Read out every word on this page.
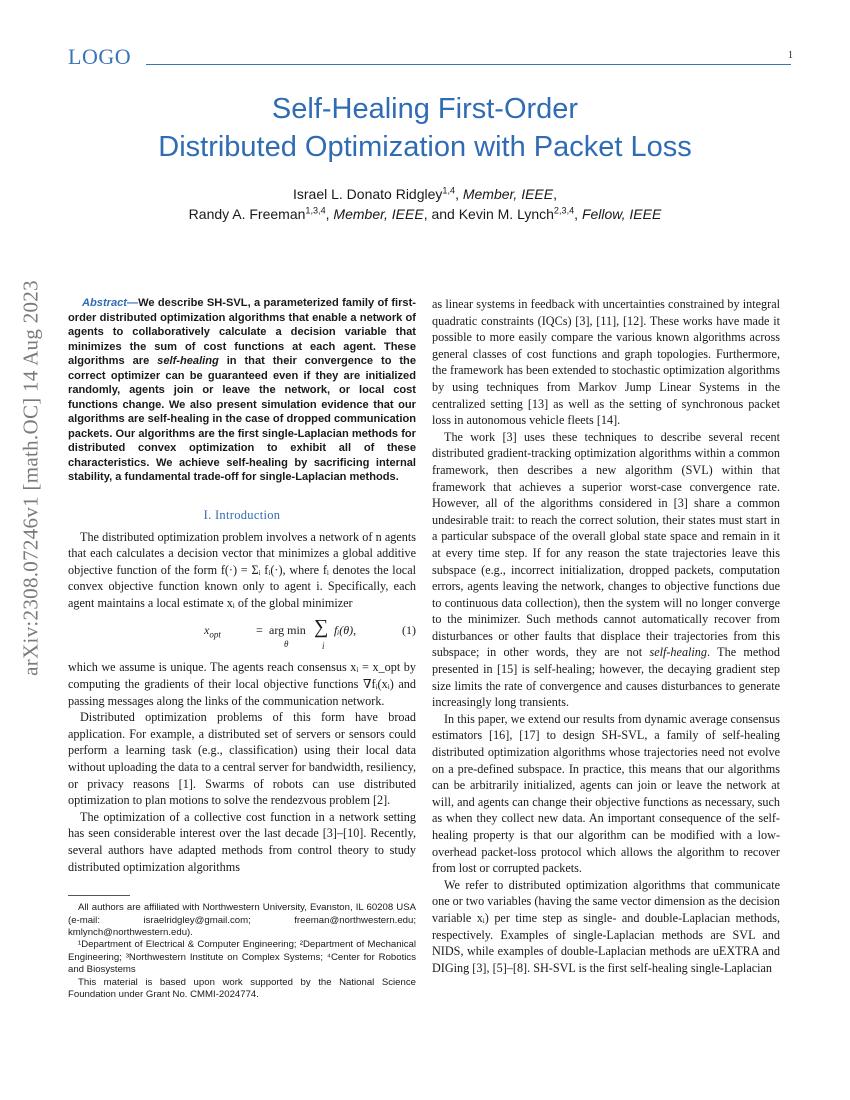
LOGO	1
arXiv:2308.07246v1 [math.OC] 14 Aug 2023
Self-Healing First-Order
Distributed Optimization with Packet Loss
Israel L. Donato Ridgley$^{1,4}$, Member, IEEE,
Randy A. Freeman$^{1,3,4}$, Member, IEEE, and Kevin M. Lynch$^{2,3,4}$, Fellow, IEEE

Abstract—We describe SH-SVL, a parameterized family of first-order distributed optimization algorithms that enable a network of agents to collaboratively calculate a decision variable that minimizes the sum of cost functions at each agent. These algorithms are self-healing in that their convergence to the correct optimizer can be guaranteed even if they are initialized randomly, agents join or leave the network, or local cost functions change. We also present simulation evidence that our algorithms are self-healing in the case of dropped communication packets. Our algorithms are the first single-Laplacian methods for distributed convex optimization to exhibit all of these characteristics. We achieve self-healing by sacrificing internal stability, a fundamental trade-off for single-Laplacian methods.

I. Introduction

The distributed optimization problem involves a network of n agents that each calculates a decision vector that minimizes a global additive objective function of the form f(·) = Σᵢ fᵢ(·), where fᵢ denotes the local convex objective function known only to agent i. Specifically, each agent maintains a local estimate xᵢ of the global minimizer

$x_{opt}$	= arg min
θ
∑
i
fᵢ(θ),	(1)

which we assume is unique. The agents reach consensus xᵢ = x_opt by computing the gradients of their local objective functions ∇fᵢ(xᵢ) and passing messages along the links of the communication network.

Distributed optimization problems of this form have broad application. For example, a distributed set of servers or sensors could perform a learning task (e.g., classification) using their local data without uploading the data to a central server for bandwidth, resiliency, or privacy reasons [1]. Swarms of robots can use distributed optimization to plan motions to solve the rendezvous problem [2].

The optimization of a collective cost function in a network setting has seen considerable interest over the last decade [3]–[10]. Recently, several authors have adapted methods from control theory to study distributed optimization algorithms

All authors are affiliated with Northwestern University, Evanston, IL 60208 USA (e-mail: israelridgley@gmail.com; freeman@northwestern.edu; kmlynch@northwestern.edu).

¹Department of Electrical & Computer Engineering; ²Department of Mechanical Engineering; ³Northwestern Institute on Complex Systems; ⁴Center for Robotics and Biosystems

This material is based upon work supported by the National Science Foundation under Grant No. CMMI-2024774.

as linear systems in feedback with uncertainties constrained by integral quadratic constraints (IQCs) [3], [11], [12]. These works have made it possible to more easily compare the various known algorithms across general classes of cost functions and graph topologies. Furthermore, the framework has been extended to stochastic optimization algorithms by using techniques from Markov Jump Linear Systems in the centralized setting [13] as well as the setting of synchronous packet loss in autonomous vehicle fleets [14].

The work [3] uses these techniques to describe several recent distributed gradient-tracking optimization algorithms within a common framework, then describes a new algorithm (SVL) within that framework that achieves a superior worst-case convergence rate. However, all of the algorithms considered in [3] share a common undesirable trait: to reach the correct solution, their states must start in a particular subspace of the overall global state space and remain in it at every time step. If for any reason the state trajectories leave this subspace (e.g., incorrect initialization, dropped packets, computation errors, agents leaving the network, changes to objective functions due to continuous data collection), then the system will no longer converge to the minimizer. Such methods cannot automatically recover from disturbances or other faults that displace their trajectories from this subspace; in other words, they are not self-healing. The method presented in [15] is self-healing; however, the decaying gradient step size limits the rate of convergence and causes disturbances to generate increasingly long transients.

In this paper, we extend our results from dynamic average consensus estimators [16], [17] to design SH-SVL, a family of self-healing distributed optimization algorithms whose trajectories need not evolve on a pre-defined subspace. In practice, this means that our algorithms can be arbitrarily initialized, agents can join or leave the network at will, and agents can change their objective functions as necessary, such as when they collect new data. An important consequence of the self-healing property is that our algorithm can be modified with a low-overhead packet-loss protocol which allows the algorithm to recover from lost or corrupted packets.

We refer to distributed optimization algorithms that communicate one or two variables (having the same vector dimension as the decision variable xᵢ) per time step as single- and double-Laplacian methods, respectively. Examples of single-Laplacian methods are SVL and NIDS, while examples of double-Laplacian methods are uEXTRA and DIGing [3], [5]–[8]. SH-SVL is the first self-healing single-Laplacian
